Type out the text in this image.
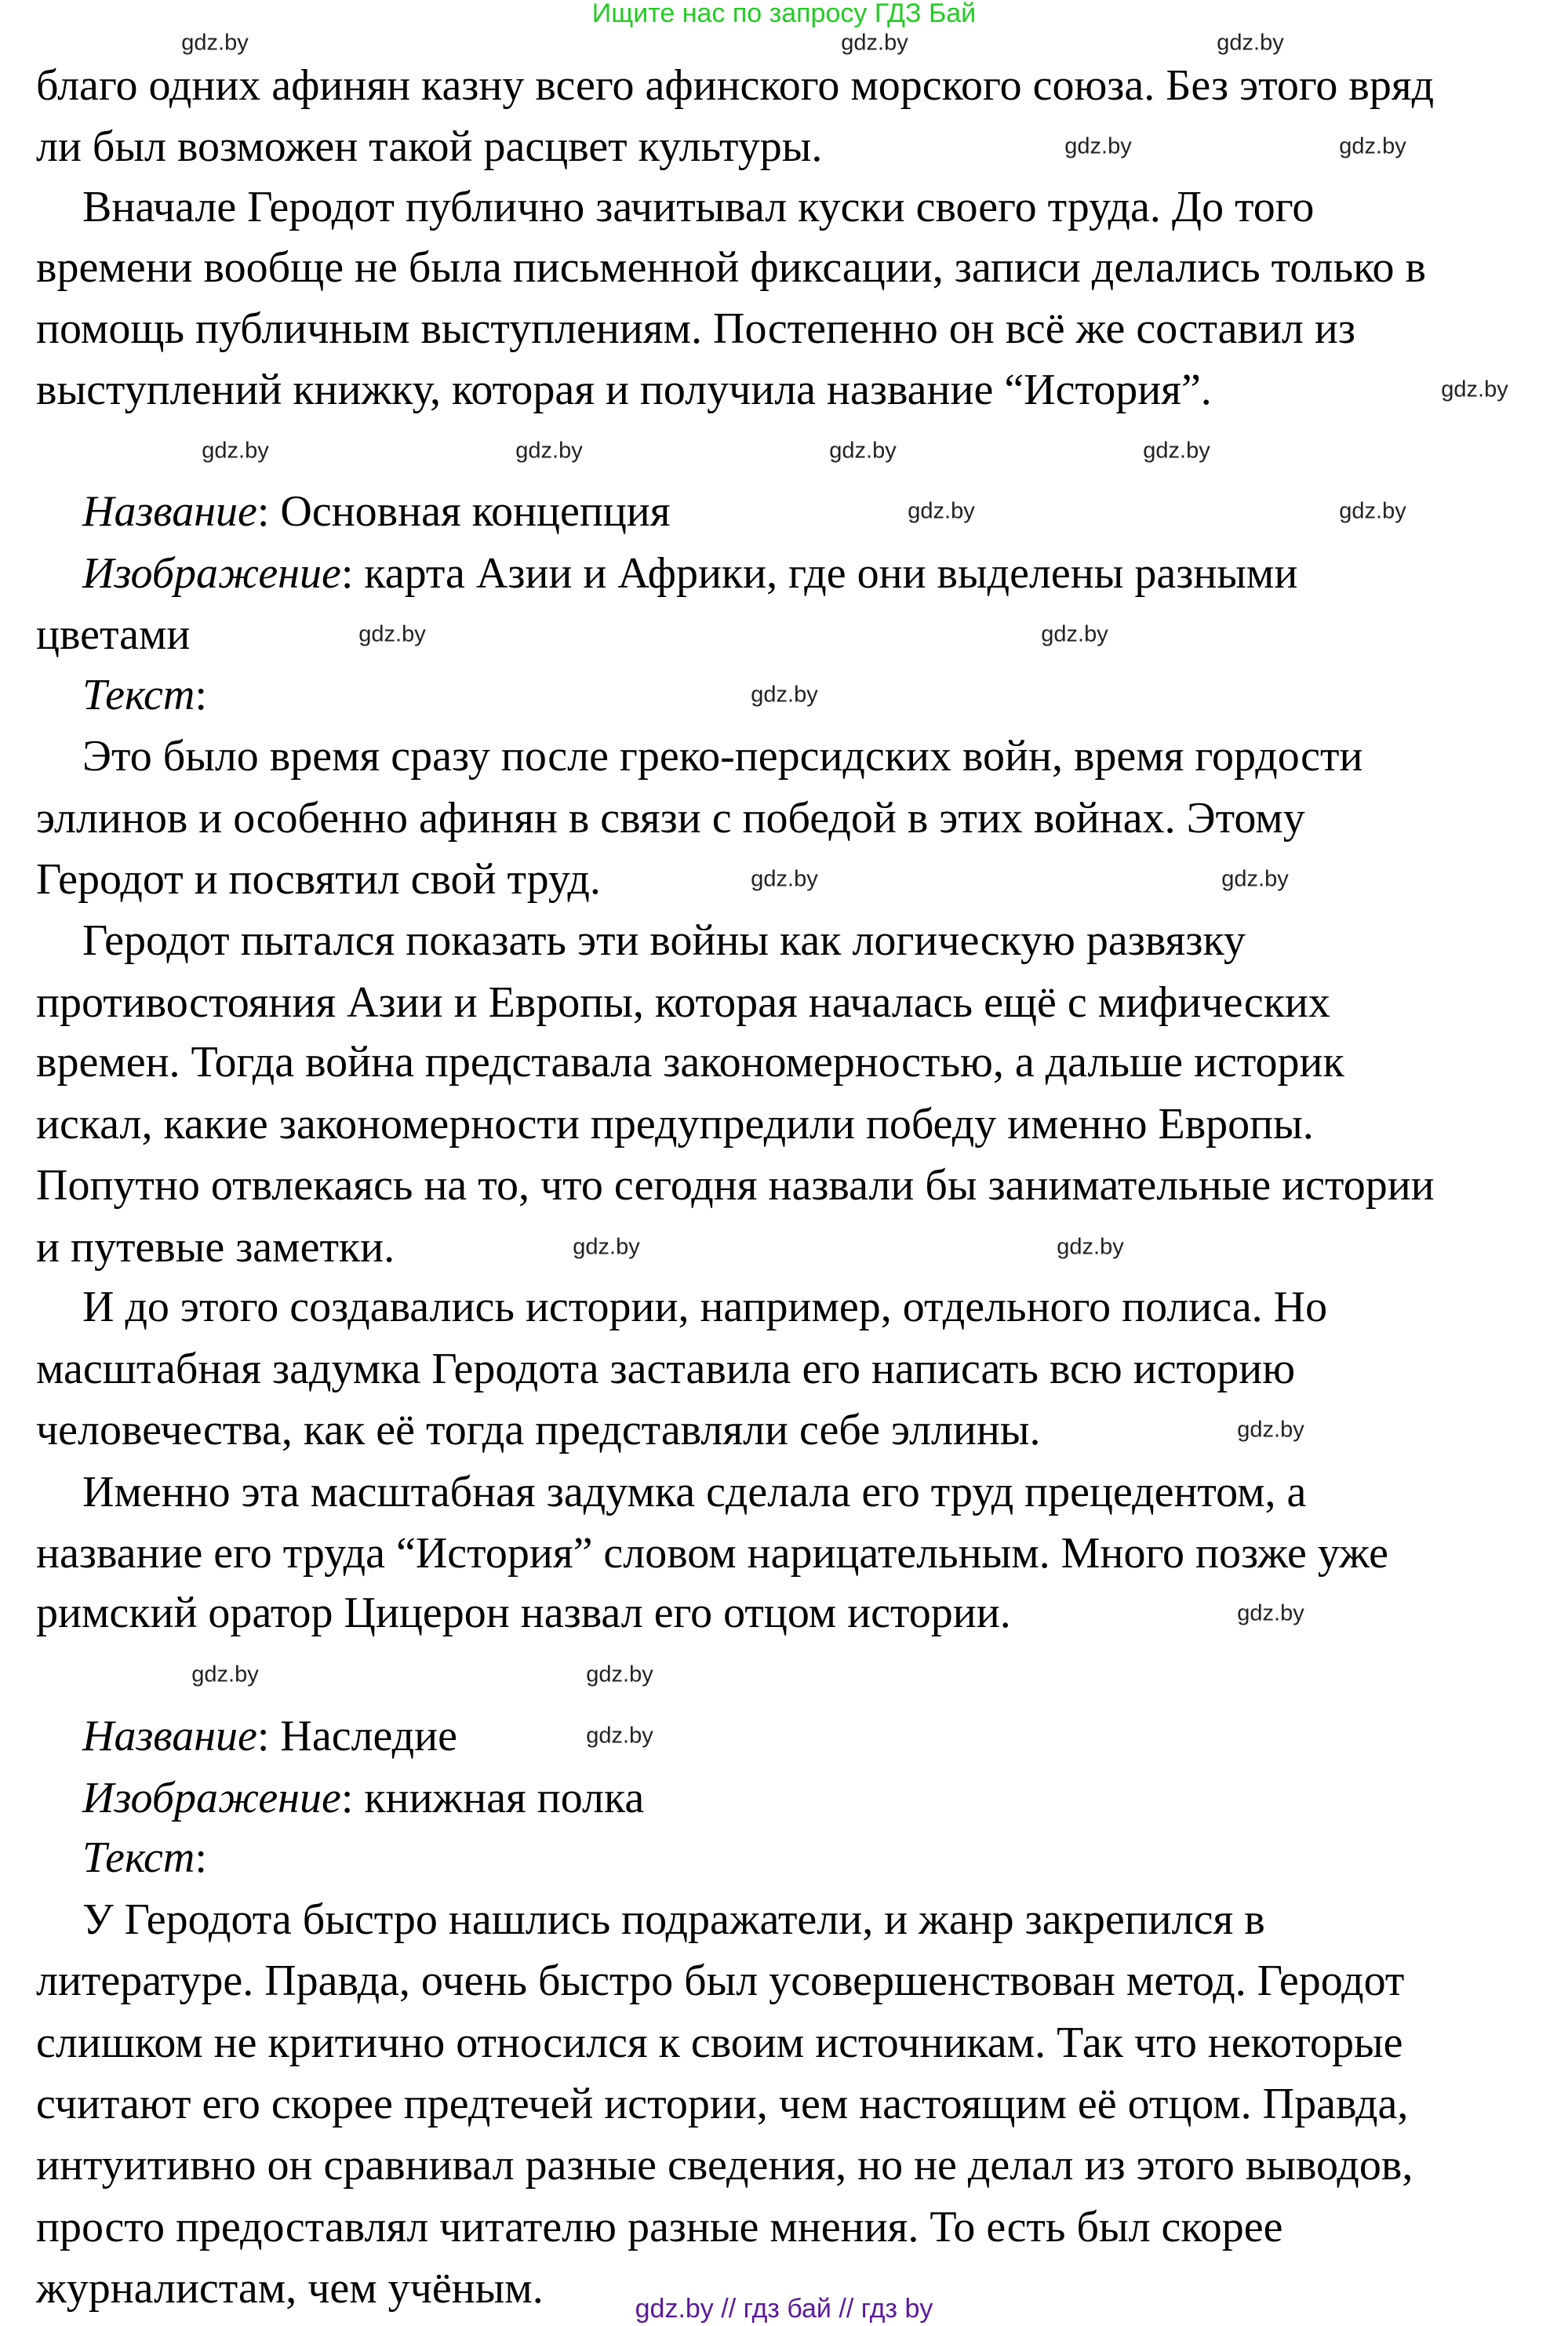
Ищите нас по запросу ГДЗ Бай
благо одних афинян казну всего афинского морского союза. Без этого вряд
ли был возможен такой расцвет культуры.
Вначале Геродот публично зачитывал куски своего труда. До того
времени вообще не была письменной фиксации, записи делались только в
помощь публичным выступлениям. Постепенно он всё же составил из
выступлений книжку, которая и получила название “История”.
Название: Основная концепция
Изображение: карта Азии и Африки, где они выделены разными
цветами
Текст:
Это было время сразу после греко-персидских войн, время гордости
эллинов и особенно афинян в связи с победой в этих войнах. Этому
Геродот и посвятил свой труд.
Геродот пытался показать эти войны как логическую развязку
противостояния Азии и Европы, которая началась ещё с мифических
времен. Тогда война представала закономерностью, а дальше историк
искал, какие закономерности предупредили победу именно Европы.
Попутно отвлекаясь на то, что сегодня назвали бы занимательные истории
и путевые заметки.
И до этого создавались истории, например, отдельного полиса. Но
масштабная задумка Геродота заставила его написать всю историю
человечества, как её тогда представляли себе эллины.
Именно эта масштабная задумка сделала его труд прецедентом, а
название его труда “История” словом нарицательным. Много позже уже
римский оратор Цицерон назвал его отцом истории.
Название: Наследие
Изображение: книжная полка
Текст:
У Геродота быстро нашлись подражатели, и жанр закрепился в
литературе. Правда, очень быстро был усовершенствован метод. Геродот
слишком не критично относился к своим источникам. Так что некоторые
считают его скорее предтечей истории, чем настоящим её отцом. Правда,
интуитивно он сравнивал разные сведения, но не делал из этого выводов,
просто предоставлял читателю разные мнения. То есть был скорее
журналистам, чем учёным.
gdz.by	gdz.by	gdz.by
gdz.by	gdz.by
gdz.by
gdz.by	gdz.by	gdz.by	gdz.by
gdz.by	gdz.by
gdz.by	gdz.by
gdz.by
gdz.by	gdz.by
gdz.by	gdz.by
gdz.by
gdz.by
gdz.by	gdz.by
gdz.by
gdz.by // гдз бай // гдз by
